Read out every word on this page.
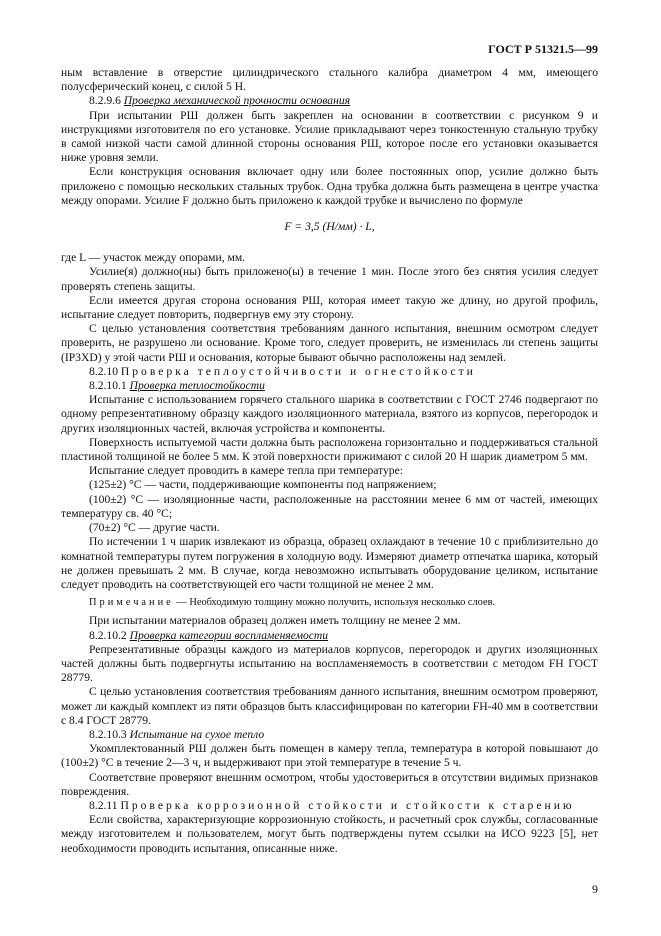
ГОСТ Р 51321.5—99

ным вставление в отверстие цилиндрического стального калибра диаметром 4 мм, имеющего полусферический конец, с силой 5 Н.

8.2.9.6 Проверка механической прочности основания

При испытании РШ должен быть закреплен на основании в соответствии с рисунком 9 и инструкциями изготовителя по его установке. Усилие прикладывают через тонкостенную стальную трубку в самой низкой части самой длинной стороны основания РШ, которое после его установки оказывается ниже уровня земли.

Если конструкция основания включает одну или более постоянных опор, усилие должно быть приложено с помощью нескольких стальных трубок. Одна трубка должна быть размещена в центре участка между опорами. Усилие F должно быть приложено к каждой трубке и вычислено по формуле

F = 3,5 (Н/мм) · L,

где L — участок между опорами, мм.

Усилие(я) должно(ны) быть приложено(ы) в течение 1 мин. После этого без снятия усилия следует проверять степень защиты.

Если имеется другая сторона основания РШ, которая имеет такую же длину, но другой профиль, испытание следует повторить, подвергнув ему эту сторону.

С целью установления соответствия требованиям данного испытания, внешним осмотром следует проверить, не разрушено ли основание. Кроме того, следует проверить, не изменилась ли степень защиты (IP3XD) у этой части РШ и основания, которые бывают обычно расположены над землей.

8.2.10 Проверка теплоустойчивости и огнестойкости

8.2.10.1 Проверка теплостойкости

Испытание с использованием горячего стального шарика в соответствии с ГОСТ 2746 подвергают по одному репрезентативному образцу каждого изоляционного материала, взятого из корпусов, перегородок и других изоляционных частей, включая устройства и компоненты.

Поверхность испытуемой части должна быть расположена горизонтально и поддерживаться стальной пластиной толщиной не более 5 мм. К этой поверхности прижимают с силой 20 Н шарик диаметром 5 мм.

Испытание следует проводить в камере тепла при температуре:

(125±2) °С — части, поддерживающие компоненты под напряжением;

(100±2) °С — изоляционные части, расположенные на расстоянии менее 6 мм от частей, имеющих температуру св. 40 °С;

(70±2) °С — другие части.

По истечении 1 ч шарик извлекают из образца, образец охлаждают в течение 10 с приблизительно до комнатной температуры путем погружения в холодную воду. Измеряют диаметр отпечатка шарика, который не должен превышать 2 мм. В случае, когда невозможно испытывать оборудование целиком, испытание следует проводить на соответствующей его части толщиной не менее 2 мм.

Примечание — Необходимую толщину можно получить, используя несколько слоев.

При испытании материалов образец должен иметь толщину не менее 2 мм.

8.2.10.2 Проверка категории воспламеняемости

Репрезентативные образцы каждого из материалов корпусов, перегородок и других изоляционных частей должны быть подвергнуты испытанию на воспламеняемость в соответствии с методом FH ГОСТ 28779.

С целью установления соответствия требованиям данного испытания, внешним осмотром проверяют, может ли каждый комплект из пяти образцов быть классифицирован по категории FH-40 мм в соответствии с 8.4 ГОСТ 28779.

8.2.10.3 Испытание на сухое тепло

Укомплектованный РШ должен быть помещен в камеру тепла, температура в которой повышают до (100±2) °С в течение 2—3 ч, и выдерживают при этой температуре в течение 5 ч.

Соответствие проверяют внешним осмотром, чтобы удостовериться в отсутствии видимых признаков повреждения.

8.2.11 Проверка коррозионной стойкости и стойкости к старению

Если свойства, характеризующие коррозионную стойкость, и расчетный срок службы, согласованные между изготовителем и пользователем, могут быть подтверждены путем ссылки на ИСО 9223 [5], нет необходимости проводить испытания, описанные ниже.

9
